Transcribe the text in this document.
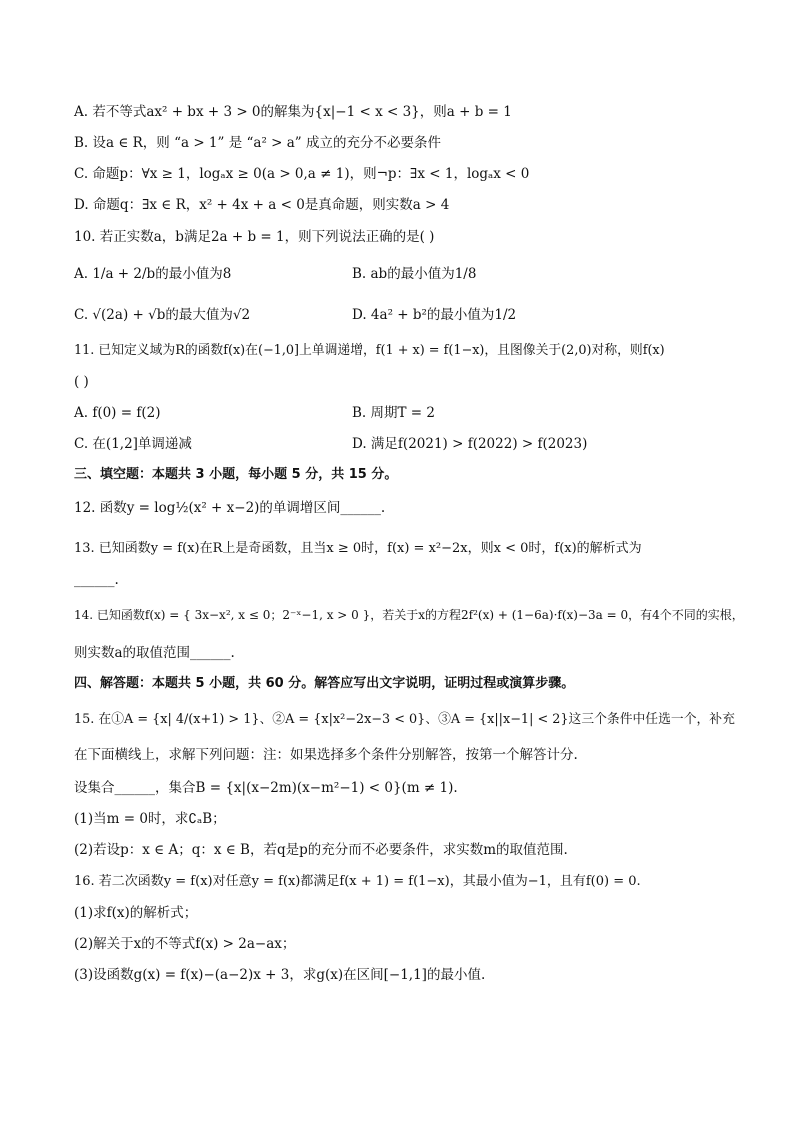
A. 若不等式ax² + bx + 3 > 0的解集为{x|−1 < x < 3}，则a + b = 1
B. 设a ∈ R，则 “a > 1” 是 “a² > a” 成立的充分不必要条件
C. 命题p：∀x ≥ 1，logₐx ≥ 0(a > 0,a ≠ 1)，则¬p：∃x < 1，logₐx < 0
D. 命题q：∃x ∈ R，x² + 4x + a < 0是真命题，则实数a > 4
10. 若正实数a，b满足2a + b = 1，则下列说法正确的是( )
A. 1/a + 2/b的最小值为8	B. ab的最小值为1/8
C. √(2a) + √b的最大值为√2	D. 4a² + b²的最小值为1/2
11. 已知定义域为R的函数f(x)在(−1,0]上单调递增，f(1 + x) = f(1−x)，且图像关于(2,0)对称，则f(x)
( )
A. f(0) = f(2)	B. 周期T = 2
C. 在(1,2]单调递减	D. 满足f(2021) > f(2022) > f(2023)
三、填空题：本题共 3 小题，每小题 5 分，共 15 分。
12. 函数y = log½(x² + x−2)的单调增区间______.
13. 已知函数y = f(x)在R上是奇函数，且当x ≥ 0时，f(x) = x²−2x，则x < 0时，f(x)的解析式为
______.
14. 已知函数f(x) = { 3x−x², x ≤ 0；2⁻ˣ−1, x > 0 }，若关于x的方程2f²(x) + (1−6a)·f(x)−3a = 0，有4个不同的实根，
则实数a的取值范围______.
四、解答题：本题共 5 小题，共 60 分。解答应写出文字说明，证明过程或演算步骤。
15. 在①A = {x| 4/(x+1) > 1}、②A = {x|x²−2x−3 < 0}、③A = {x||x−1| < 2}这三个条件中任选一个，补充
在下面横线上，求解下列问题：注：如果选择多个条件分别解答，按第一个解答计分.
设集合______，集合B = {x|(x−2m)(x−m²−1) < 0}(m ≠ 1).
(1)当m = 0时，求∁ₐB；
(2)若设p：x ∈ A；q：x ∈ B，若q是p的充分而不必要条件，求实数m的取值范围.
16. 若二次函数y = f(x)对任意y = f(x)都满足f(x + 1) = f(1−x)，其最小值为−1，且有f(0) = 0.
(1)求f(x)的解析式；
(2)解关于x的不等式f(x) > 2a−ax；
(3)设函数g(x) = f(x)−(a−2)x + 3，求g(x)在区间[−1,1]的最小值.
